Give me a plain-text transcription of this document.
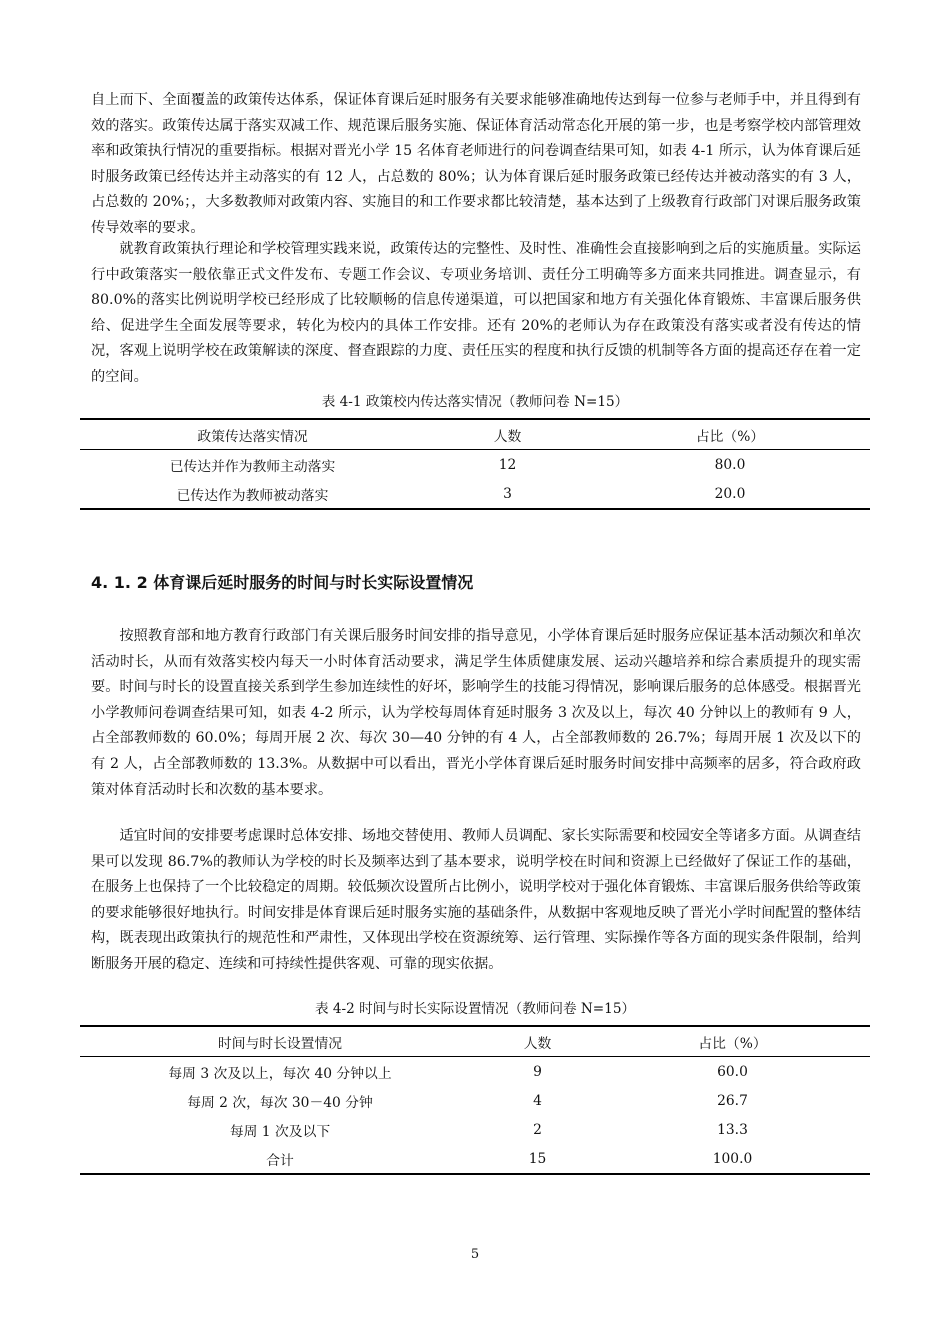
自上而下、全面覆盖的政策传达体系，保证体育课后延时服务有关要求能够准确地传达到每一位参与老师手中，并且得到有效的落实。政策传达属于落实双减工作、规范课后服务实施、保证体育活动常态化开展的第一步，也是考察学校内部管理效率和政策执行情况的重要指标。根据对晋光小学 15 名体育老师进行的问卷调查结果可知，如表 4-1 所示，认为体育课后延时服务政策已经传达并主动落实的有 12 人，占总数的 80%；认为体育课后延时服务政策已经传达并被动落实的有 3 人，占总数的 20%；，大多数教师对政策内容、实施目的和工作要求都比较清楚，基本达到了上级教育行政部门对课后服务政策传导效率的要求。

就教育政策执行理论和学校管理实践来说，政策传达的完整性、及时性、准确性会直接影响到之后的实施质量。实际运行中政策落实一般依靠正式文件发布、专题工作会议、专项业务培训、责任分工明确等多方面来共同推进。调查显示，有 80.0%的落实比例说明学校已经形成了比较顺畅的信息传递渠道，可以把国家和地方有关强化体育锻炼、丰富课后服务供给、促进学生全面发展等要求，转化为校内的具体工作安排。还有 20%的老师认为存在政策没有落实或者没有传达的情况，客观上说明学校在政策解读的深度、督查跟踪的力度、责任压实的程度和执行反馈的机制等各方面的提高还存在着一定的空间。

表 4-1 政策校内传达落实情况（教师问卷 N=15）

政策传达落实情况	人数	占比（%）
已传达并作为教师主动落实	12	80.0
已传达作为教师被动落实	3	20.0
4. 1. 2 体育课后延时服务的时间与时长实际设置情况

按照教育部和地方教育行政部门有关课后服务时间安排的指导意见，小学体育课后延时服务应保证基本活动频次和单次活动时长，从而有效落实校内每天一小时体育活动要求，满足学生体质健康发展、运动兴趣培养和综合素质提升的现实需要。时间与时长的设置直接关系到学生参加连续性的好坏，影响学生的技能习得情况，影响课后服务的总体感受。根据晋光小学教师问卷调查结果可知，如表 4-2 所示，认为学校每周体育延时服务 3 次及以上，每次 40 分钟以上的教师有 9 人，占全部教师数的 60.0%；每周开展 2 次、每次 30—40 分钟的有 4 人，占全部教师数的 26.7%；每周开展 1 次及以下的有 2 人，占全部教师数的 13.3%。从数据中可以看出，晋光小学体育课后延时服务时间安排中高频率的居多，符合政府政策对体育活动时长和次数的基本要求。

适宜时间的安排要考虑课时总体安排、场地交替使用、教师人员调配、家长实际需要和校园安全等诸多方面。从调查结果可以发现 86.7%的教师认为学校的时长及频率达到了基本要求，说明学校在时间和资源上已经做好了保证工作的基础，在服务上也保持了一个比较稳定的周期。较低频次设置所占比例小，说明学校对于强化体育锻炼、丰富课后服务供给等政策的要求能够很好地执行。时间安排是体育课后延时服务实施的基础条件，从数据中客观地反映了晋光小学时间配置的整体结构，既表现出政策执行的规范性和严肃性，又体现出学校在资源统筹、运行管理、实际操作等各方面的现实条件限制，给判断服务开展的稳定、连续和可持续性提供客观、可靠的现实依据。

表 4-2 时间与时长实际设置情况（教师问卷 N=15）

时间与时长设置情况	人数	占比（%）
每周 3 次及以上，每次 40 分钟以上	9	60.0
每周 2 次，每次 30－40 分钟	4	26.7
每周 1 次及以下	2	13.3
合计	15	100.0
5
